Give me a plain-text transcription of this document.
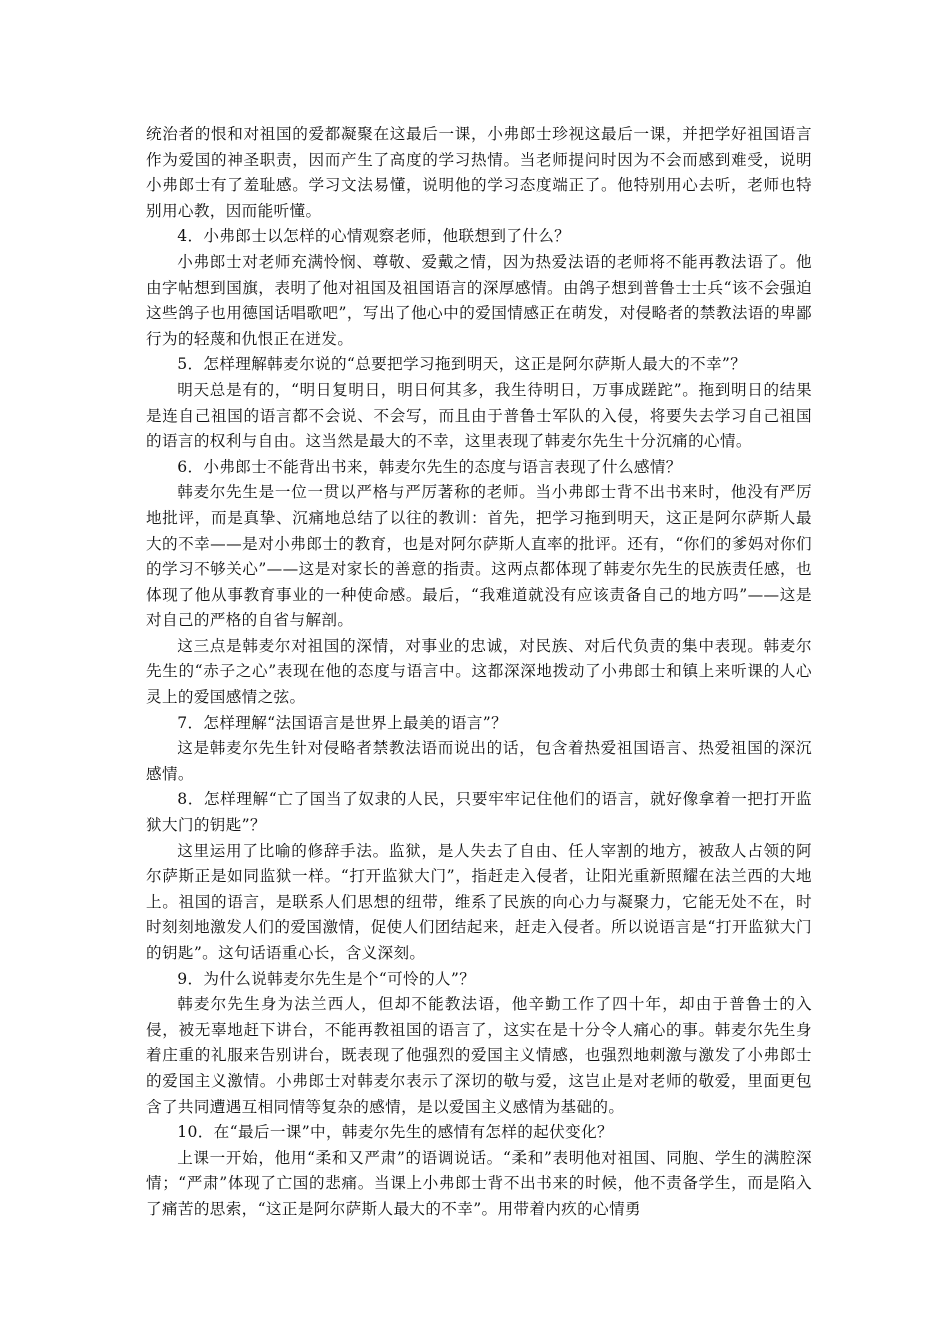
统治者的恨和对祖国的爱都凝聚在这最后一课，小弗郎士珍视这最后一课，并把学好祖国语言作为爱国的神圣职责，因而产生了高度的学习热情。当老师提问时因为不会而感到难受，说明小弗郎士有了羞耻感。学习文法易懂，说明他的学习态度端正了。他特别用心去听，老师也特别用心教，因而能听懂。

4．小弗郎士以怎样的心情观察老师，他联想到了什么？

小弗郎士对老师充满怜悯、尊敬、爱戴之情，因为热爱法语的老师将不能再教法语了。他由字帖想到国旗，表明了他对祖国及祖国语言的深厚感情。由鸽子想到普鲁士士兵“该不会强迫这些鸽子也用德国话唱歌吧”，写出了他心中的爱国情感正在萌发，对侵略者的禁教法语的卑鄙行为的轻蔑和仇恨正在迸发。

5．怎样理解韩麦尔说的“总要把学习拖到明天，这正是阿尔萨斯人最大的不幸”？

明天总是有的，“明日复明日，明日何其多，我生待明日，万事成蹉跎”。拖到明日的结果是连自己祖国的语言都不会说、不会写，而且由于普鲁士军队的入侵，将要失去学习自己祖国的语言的权利与自由。这当然是最大的不幸，这里表现了韩麦尔先生十分沉痛的心情。

6．小弗郎士不能背出书来，韩麦尔先生的态度与语言表现了什么感情？

韩麦尔先生是一位一贯以严格与严厉著称的老师。当小弗郎士背不出书来时，他没有严厉地批评，而是真挚、沉痛地总结了以往的教训：首先，把学习拖到明天，这正是阿尔萨斯人最大的不幸——是对小弗郎士的教育，也是对阿尔萨斯人直率的批评。还有，“你们的爹妈对你们的学习不够关心”——这是对家长的善意的指责。这两点都体现了韩麦尔先生的民族责任感，也体现了他从事教育事业的一种使命感。最后，“我难道就没有应该责备自己的地方吗”——这是对自己的严格的自省与解剖。

这三点是韩麦尔对祖国的深情，对事业的忠诚，对民族、对后代负责的集中表现。韩麦尔先生的“赤子之心”表现在他的态度与语言中。这都深深地拨动了小弗郎士和镇上来听课的人心灵上的爱国感情之弦。

7．怎样理解“法国语言是世界上最美的语言”？

这是韩麦尔先生针对侵略者禁教法语而说出的话，包含着热爱祖国语言、热爱祖国的深沉感情。

8．怎样理解“亡了国当了奴隶的人民，只要牢牢记住他们的语言，就好像拿着一把打开监狱大门的钥匙”？

这里运用了比喻的修辞手法。监狱，是人失去了自由、任人宰割的地方，被敌人占领的阿尔萨斯正是如同监狱一样。“打开监狱大门”，指赶走入侵者，让阳光重新照耀在法兰西的大地上。祖国的语言，是联系人们思想的纽带，维系了民族的向心力与凝聚力，它能无处不在，时时刻刻地激发人们的爱国激情，促使人们团结起来，赶走入侵者。所以说语言是“打开监狱大门的钥匙”。这句话语重心长，含义深刻。

9．为什么说韩麦尔先生是个“可怜的人”？

韩麦尔先生身为法兰西人，但却不能教法语，他辛勤工作了四十年，却由于普鲁士的入侵，被无辜地赶下讲台，不能再教祖国的语言了，这实在是十分令人痛心的事。韩麦尔先生身着庄重的礼服来告别讲台，既表现了他强烈的爱国主义情感，也强烈地刺激与激发了小弗郎士的爱国主义激情。小弗郎士对韩麦尔表示了深切的敬与爱，这岂止是对老师的敬爱，里面更包含了共同遭遇互相同情等复杂的感情，是以爱国主义感情为基础的。

10．在“最后一课”中，韩麦尔先生的感情有怎样的起伏变化？

上课一开始，他用“柔和又严肃”的语调说话。“柔和”表明他对祖国、同胞、学生的满腔深情；“严肃”体现了亡国的悲痛。当课上小弗郎士背不出书来的时候，他不责备学生，而是陷入了痛苦的思索，“这正是阿尔萨斯人最大的不幸”。用带着内疚的心情勇
